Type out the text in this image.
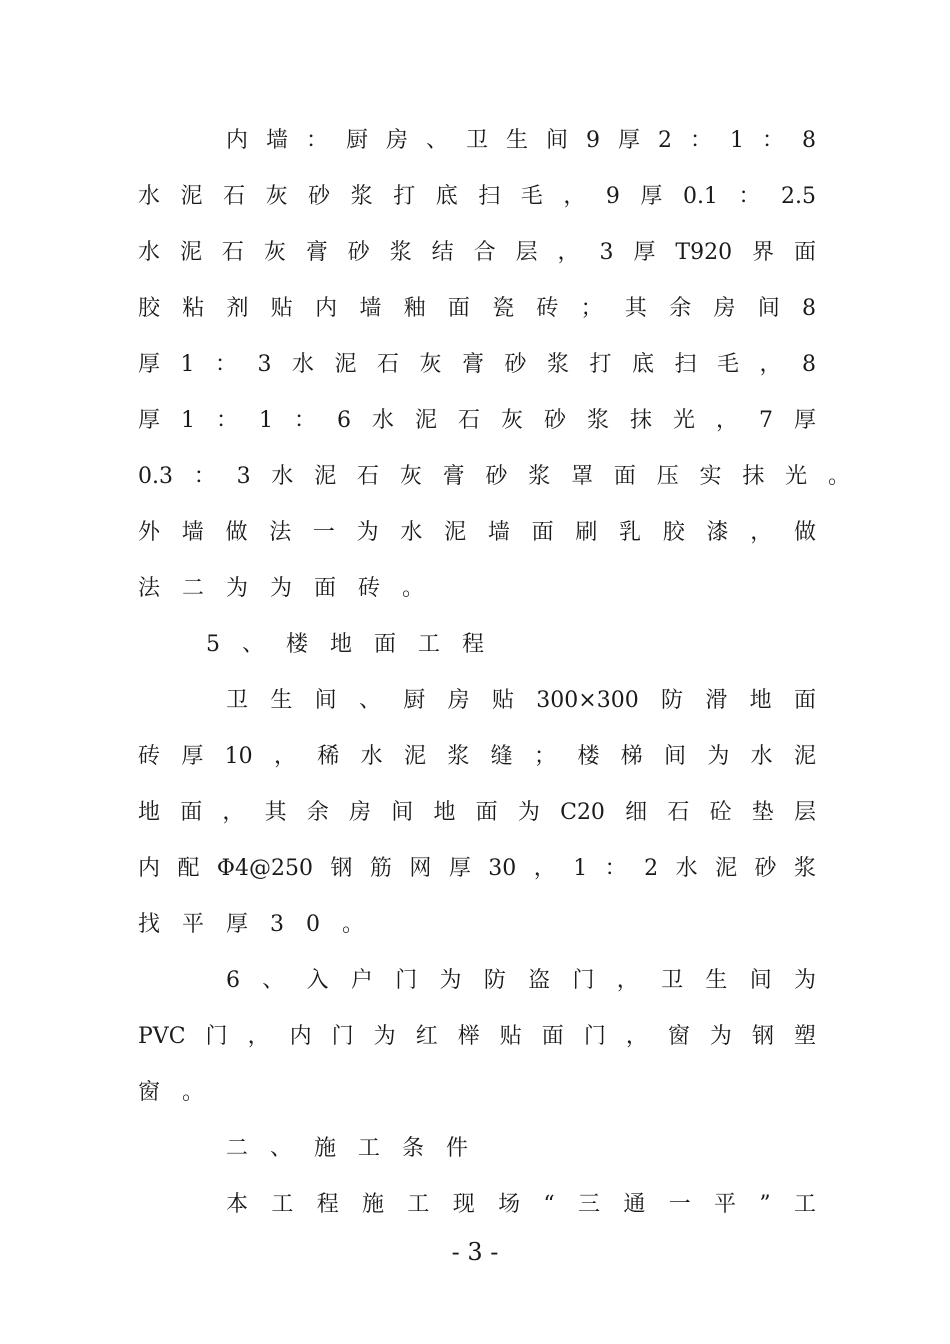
内墙：厨房、卫生间9厚2：1：8
水泥石灰砂浆打底扫毛，9厚0.1：2.5
水泥石灰膏砂浆结合层，3厚T920界面
胶粘剂贴内墙釉面瓷砖；其余房间8
厚1：3水泥石灰膏砂浆打底扫毛，8
厚1：1：6水泥石灰砂浆抹光，7厚
0.3：3水泥石灰膏砂浆罩面压实抹光。
外墙做法一为水泥墙面刷乳胶漆，做
法二为为面砖。
5、楼地面工程
卫生间、厨房贴300×300防滑地面
砖厚10，稀水泥浆缝；楼梯间为水泥
地面，其余房间地面为C20细石砼垫层
内配Φ4@250钢筋网厚30，1：2水泥砂浆
找平厚30。
6、入户门为防盗门，卫生间为
PVC门，内门为红榉贴面门，窗为钢塑
窗。
二、施工条件
本工程施工现场“三通一平”工
- 3 -
